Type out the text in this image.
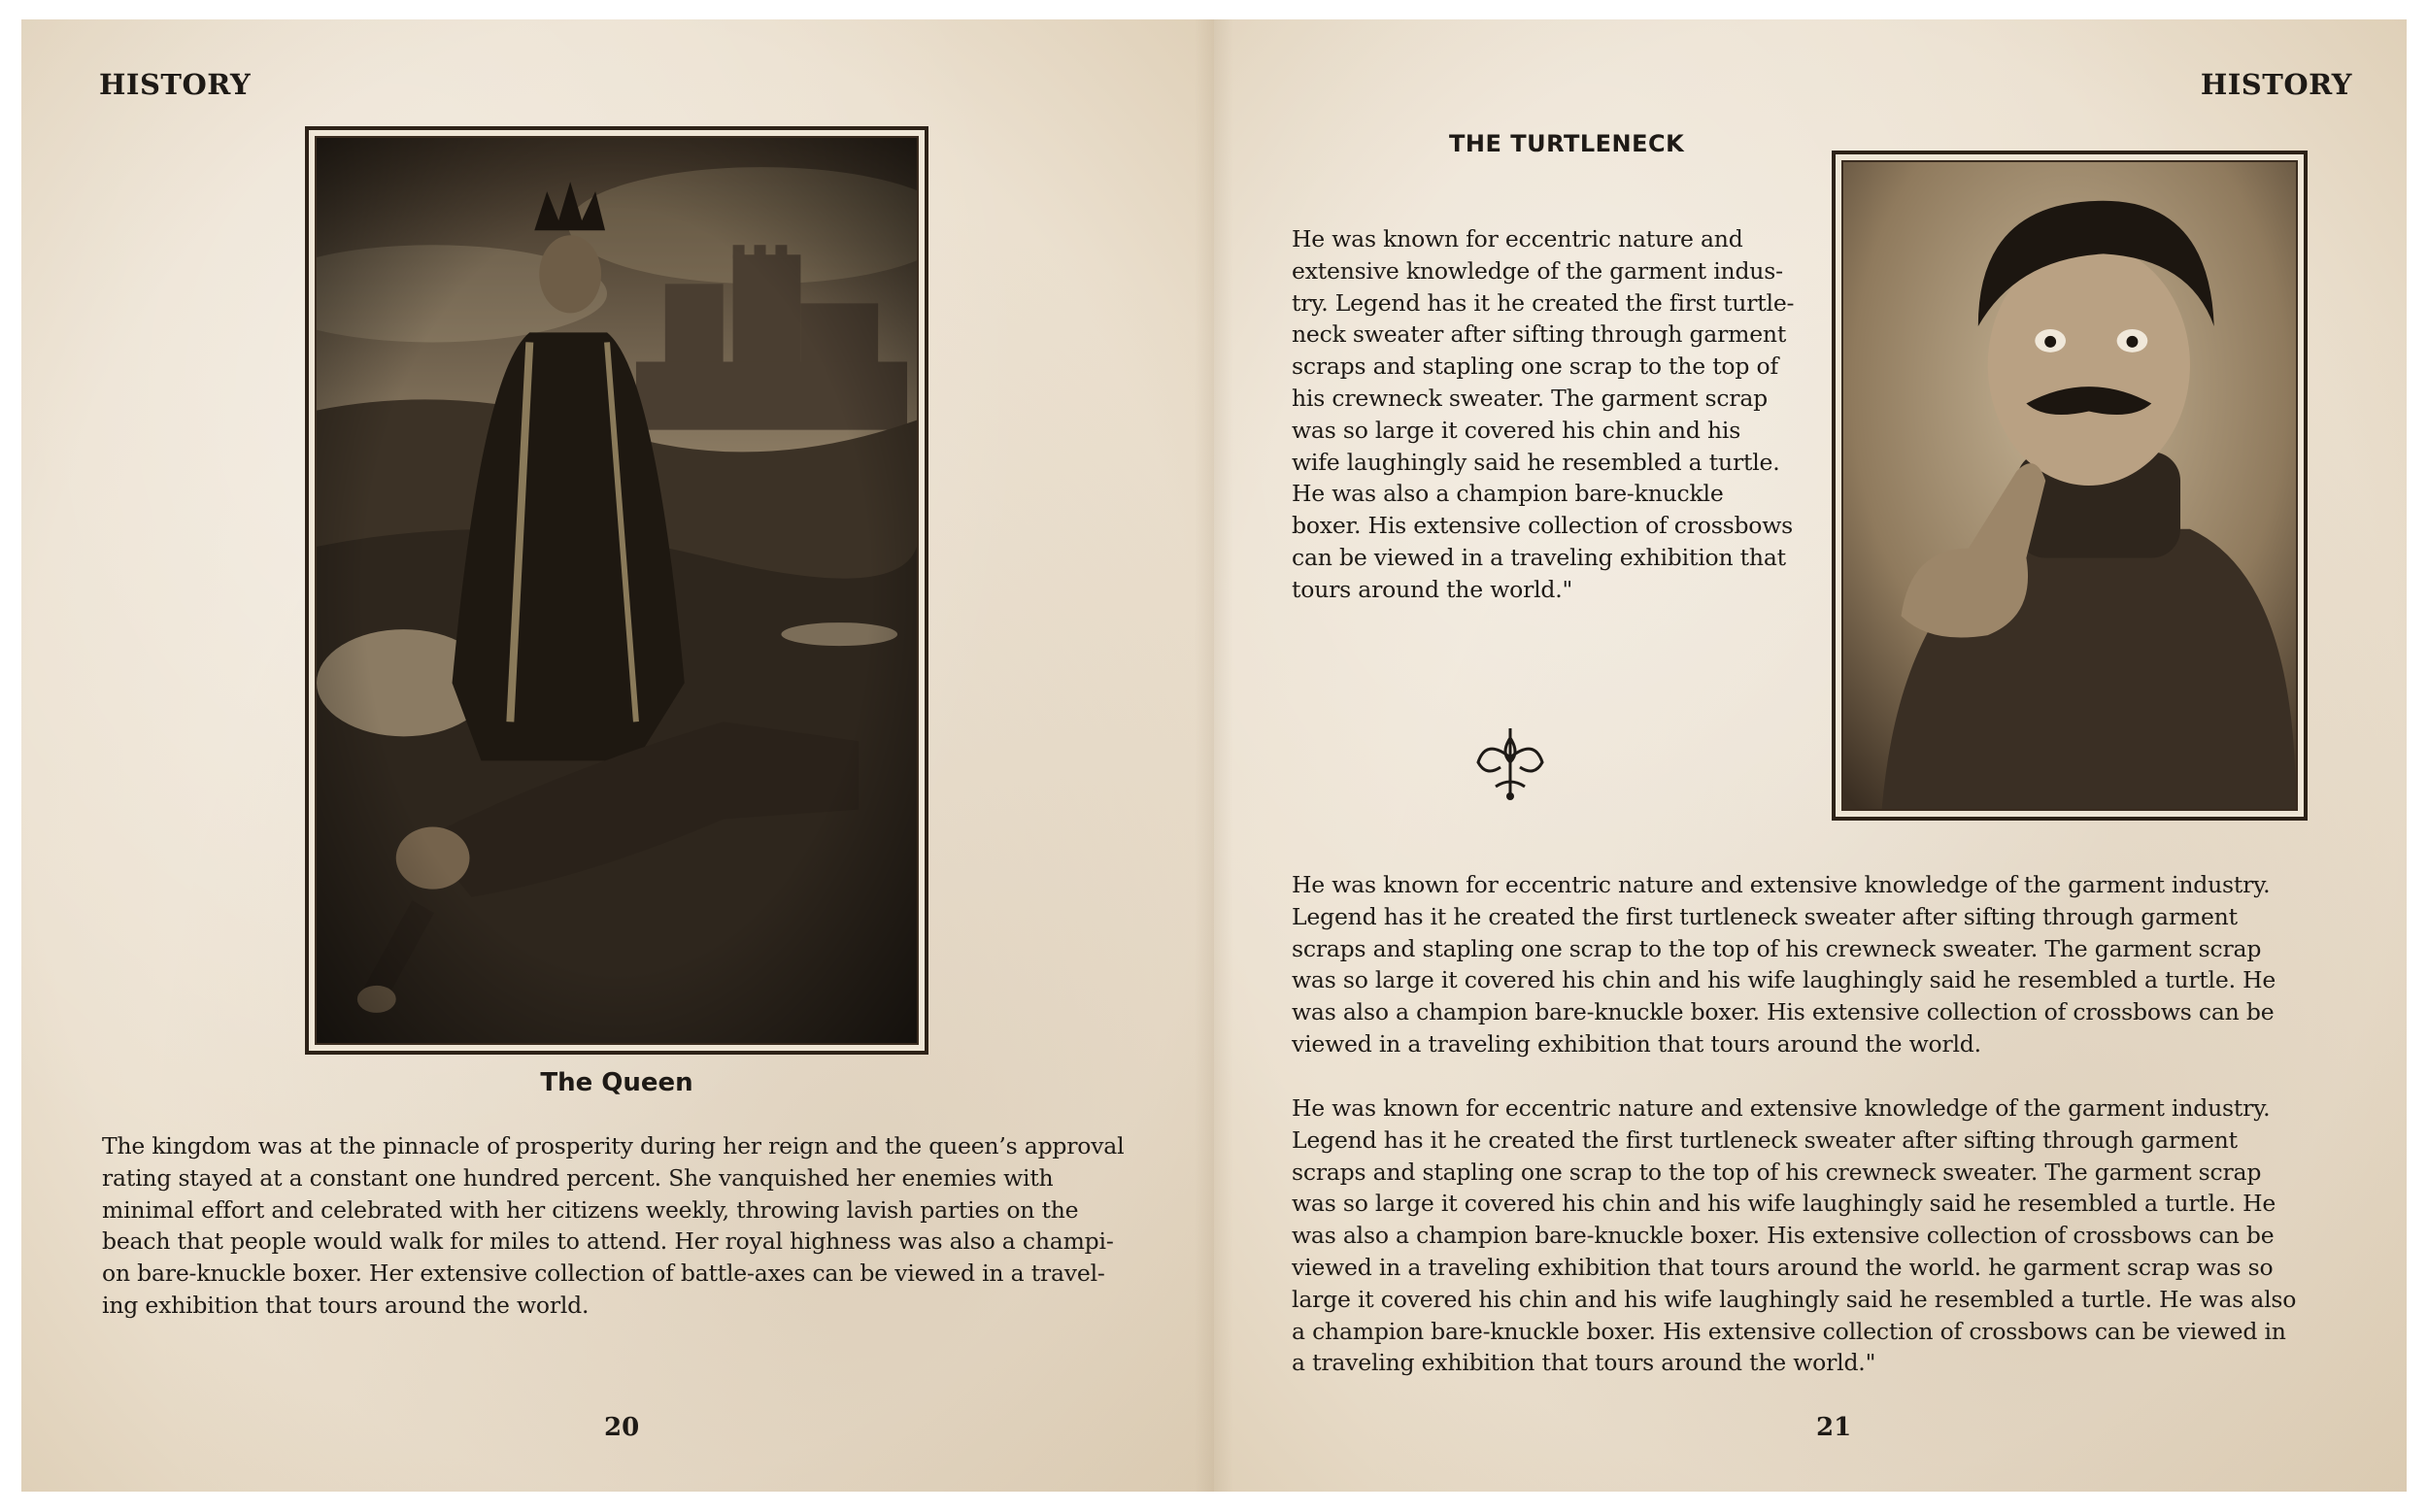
HISTORY
The Queen
The kingdom was at the pinnacle of prosperity during her reign and the queen’s approval
rating stayed at a constant one hundred percent. She vanquished her enemies with
minimal effort and celebrated with her citizens weekly, throwing lavish parties on the
beach that people would walk for miles to attend. Her royal highness was also a champi-
on bare-knuckle boxer. Her extensive collection of battle-axes can be viewed in a travel-
ing exhibition that tours around the world.
20
HISTORY
THE TURTLENECK
He was known for eccentric nature and
extensive knowledge of the garment indus-
try. Legend has it he created the first turtle-
neck sweater after sifting through garment
scraps and stapling one scrap to the top of
his crewneck sweater. The garment scrap
was so large it covered his chin and his
wife laughingly said he resembled a turtle.
He was also a champion bare-knuckle
boxer. His extensive collection of crossbows
can be viewed in a traveling exhibition that
tours around the world."
He was known for eccentric nature and extensive knowledge of the garment industry.
Legend has it he created the first turtleneck sweater after sifting through garment
scraps and stapling one scrap to the top of his crewneck sweater. The garment scrap
was so large it covered his chin and his wife laughingly said he resembled a turtle. He
was also a champion bare-knuckle boxer. His extensive collection of crossbows can be
viewed in a traveling exhibition that tours around the world.
He was known for eccentric nature and extensive knowledge of the garment industry.
Legend has it he created the first turtleneck sweater after sifting through garment
scraps and stapling one scrap to the top of his crewneck sweater. The garment scrap
was so large it covered his chin and his wife laughingly said he resembled a turtle. He
was also a champion bare-knuckle boxer. His extensive collection of crossbows can be
viewed in a traveling exhibition that tours around the world. he garment scrap was so
large it covered his chin and his wife laughingly said he resembled a turtle. He was also
a champion bare-knuckle boxer. His extensive collection of crossbows can be viewed in
a traveling exhibition that tours around the world."
21
